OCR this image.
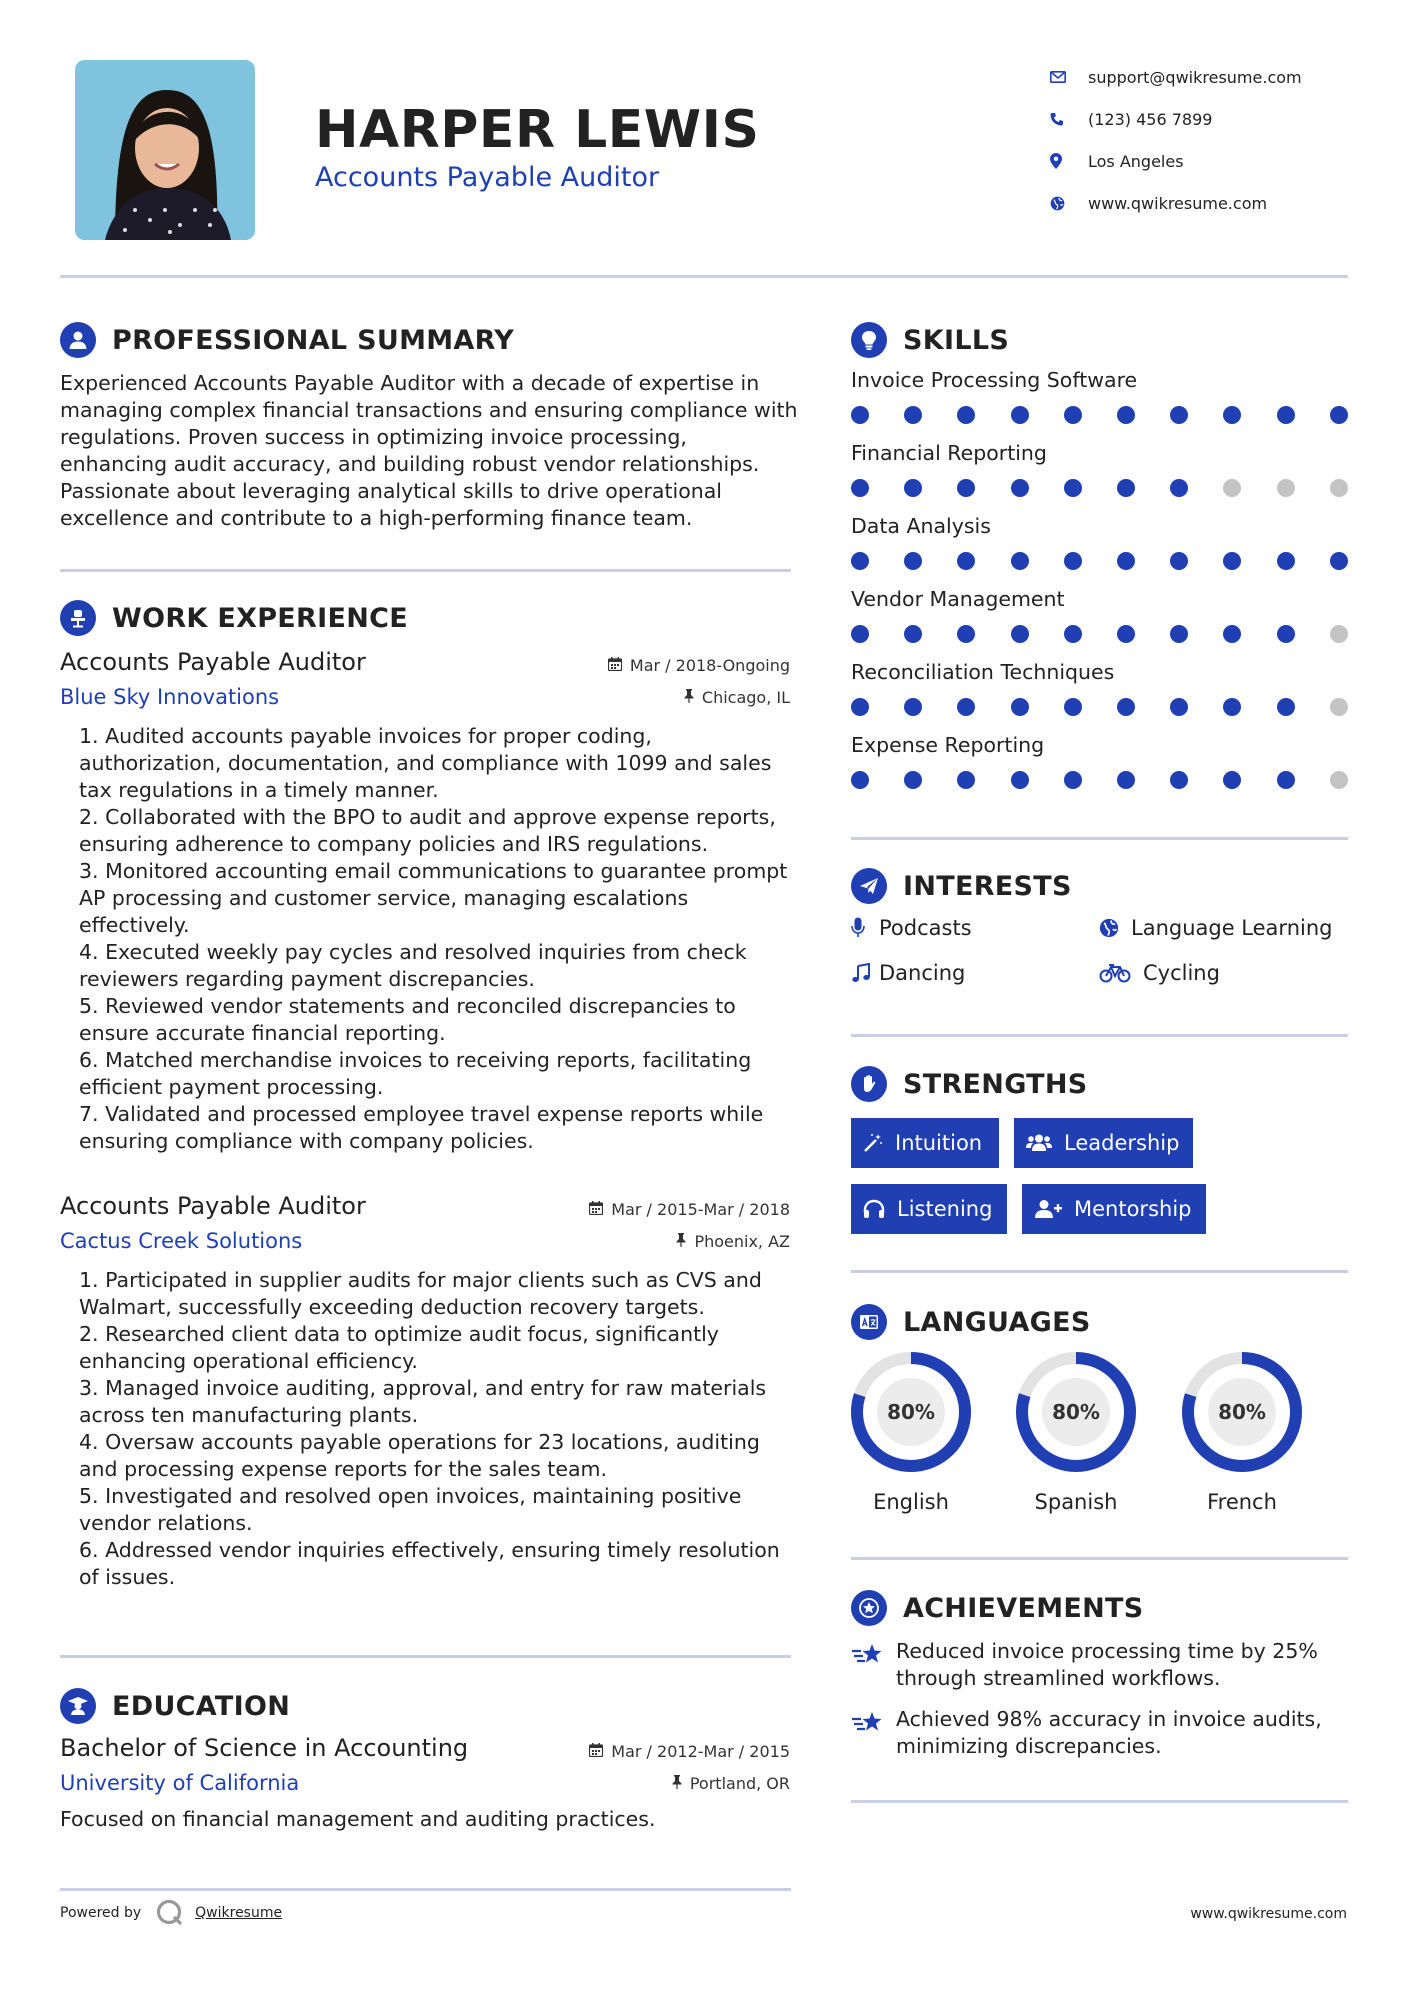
HARPER LEWIS
Accounts Payable Auditor
support@qwikresume.com
(123) 456 7899
Los Angeles
www.qwikresume.com
PROFESSIONAL SUMMARY
Experienced Accounts Payable Auditor with a decade of expertise in managing complex financial transactions and ensuring compliance with regulations. Proven success in optimizing invoice processing, enhancing audit accuracy, and building robust vendor relationships. Passionate about leveraging analytical skills to drive operational excellence and contribute to a high-performing finance team.
WORK EXPERIENCE
Accounts Payable Auditor	Mar / 2018-Ongoing
Blue Sky Innovations	Chicago, IL
1. Audited accounts payable invoices for proper coding, authorization, documentation, and compliance with 1099 and sales tax regulations in a timely manner.
2. Collaborated with the BPO to audit and approve expense reports, ensuring adherence to company policies and IRS regulations.
3. Monitored accounting email communications to guarantee prompt AP processing and customer service, managing escalations effectively.
4. Executed weekly pay cycles and resolved inquiries from check reviewers regarding payment discrepancies.
5. Reviewed vendor statements and reconciled discrepancies to ensure accurate financial reporting.
6. Matched merchandise invoices to receiving reports, facilitating efficient payment processing.
7. Validated and processed employee travel expense reports while ensuring compliance with company policies.
Accounts Payable Auditor	Mar / 2015-Mar / 2018
Cactus Creek Solutions	Phoenix, AZ
1. Participated in supplier audits for major clients such as CVS and Walmart, successfully exceeding deduction recovery targets.
2. Researched client data to optimize audit focus, significantly enhancing operational efficiency.
3. Managed invoice auditing, approval, and entry for raw materials across ten manufacturing plants.
4. Oversaw accounts payable operations for 23 locations, auditing and processing expense reports for the sales team.
5. Investigated and resolved open invoices, maintaining positive vendor relations.
6. Addressed vendor inquiries effectively, ensuring timely resolution of issues.
EDUCATION
Bachelor of Science in Accounting	Mar / 2012-Mar / 2015
University of California	Portland, OR
Focused on financial management and auditing practices.
SKILLS
Invoice Processing Software
Financial Reporting
Data Analysis
Vendor Management
Reconciliation Techniques
Expense Reporting
INTERESTS
Podcasts	Language Learning
Dancing	Cycling
STRENGTHS
Intuition	Leadership
Listening	Mentorship
LANGUAGES
80%
English
80%
Spanish
80%
French
ACHIEVEMENTS
Reduced invoice processing time by 25% through streamlined workflows.
Achieved 98% accuracy in invoice audits, minimizing discrepancies.
Powered by	Qwikresume	www.qwikresume.com
